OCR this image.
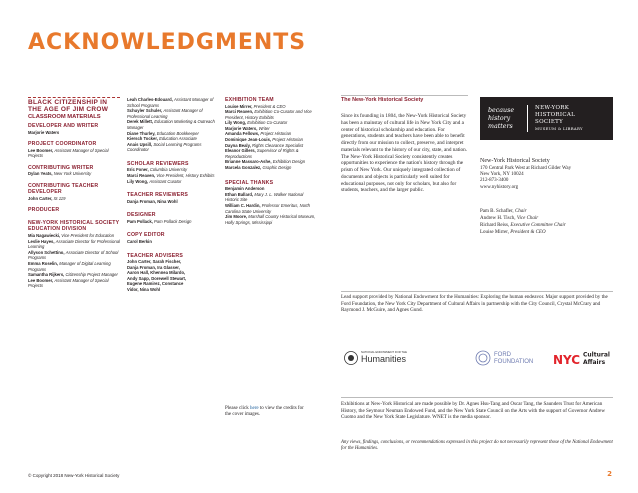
ACKNOWLEDGMENTS
BLACK CITIZENSHIP IN
THE AGE OF JIM CROW
CLASSROOM MATERIALS
DEVELOPER AND WRITER
Marjorie Waters
PROJECT COORDINATOR
Lee Boomer, Assistant Manager of Special Projects
CONTRIBUTING WRITER
Dylan Yeats, New York University
CONTRIBUTING TEACHER DEVELOPER
John Carter, IS 119
PRODUCER
NEW-YORK HISTORICAL SOCIETY EDUCATION DIVISION
Mia Nagawiecki, Vice President for Education
Leslie Hayes, Associate Director for Professional Learning
Allyson Schettino, Associate Director of School Programs
Emma Roselin, Manager of Digital Learning Programs
Samantha Rijkers, Citizenship Project Manager
Lee Boomer, Assistant Manager of Special Projects
Leah Charles-Edouard, Assistant Manager of School Programs
Schuyler Schuler, Assistant Manager of Professional Learning
Derek Millett, Education Marketing & Outreach Manager
Diane Thurley, Education Bookkeeper
Kiersch Tocker, Education Associate
Anais Upsill, Social Learning Programs Coordinator
SCHOLAR REVIEWERS
Eric Foner, Columbia University
Marci Reaven, Vice President, History Exhibits
Lily Wong, Assistant Curator
TEACHER REVIEWERS
Danja Froman, Nina Wohl
DESIGNER
Pam Pollack, Pam Pollack Design
COPY EDITOR
Carol Berkin
TEACHER ADVISERS
John Carter, Sarah Fischer,
Danja Froman, Ira Glasser,
Aaron Hall, Khennea Milardo,
Andy Sapp, Dorewell Stewart,
Eugene Ramirez, Constance
Vidor, Nina Wohl
EXHIBITION TEAM
Louise Mirrer, President & CEO
Marci Reaven, Exhibition Co-Curator and Vice President, History Exhibits
Lily Wong, Exhibition Co-Curator
Marjorie Waters, Writer
Amanda Fellows, Project Historian
Dominique Jean-Louis, Project Historian
Dayna Bealy, Rights Clearance Specialist
Eleanor Gillers, Supervisor of Rights & Reproductions
Brianne Massaro-Ashe, Exhibition Design
Marcela Gonzalez, Graphic Design
SPECIAL THANKS
Benjamin Anderson
Ethan Ballard, Mary J. L. Walker National Historic Site
William C. Hardin, Professor Emeritus, North Carolina State University
Jim Moore, Marshall County Historical Museum, Holly Springs, Mississippi
Please click here to view the credits for the cover images.
The New-York Historical Society
Since its founding in 1804, the New-York Historical Society has been a mainstay of cultural life in New York City and a center of historical scholarship and education. For generations, students and teachers have been able to benefit directly from our mission to collect, preserve, and interpret materials relevant to the history of our city, state, and nation. The New-York Historical Society consistently creates opportunities to experience the nation's history through the prism of New York. Our uniquely integrated collection of documents and objects is particularly well suited for educational purposes, not only for scholars, but also for students, teachers, and the larger public.
because
history
matters
NEW-YORK
HISTORICAL
SOCIETY
MUSEUM & LIBRARY
New-York Historical Society
170 Central Park West at Richard Gilder Way
New York, NY 10024
212-873-3400
www.nyhistory.org
Pam B. Schafler, Chair
Andrew H. Tisch, Vice Chair
Richard Reiss, Executive Committee Chair
Louise Mirrer, President & CEO
Lead support provided by National Endowment for the Humanities: Exploring the human endeavor. Major support provided by the Ford Foundation, the New York City Department of Cultural Affairs in partnership with the City Council, Crystal McCrary and Raymond J. McGuire, and Agnes Gund.
NATIONAL ENDOWMENT FOR THE
Humanities	FORD
FOUNDATION NYC Cultural
Affairs
Exhibitions at New-York Historical are made possible by Dr. Agnes Hsu-Tang and Oscar Tang, the Saunders Trust for American History, the Seymour Neuman Endowed Fund, and the New York State Council on the Arts with the support of Governor Andrew Cuomo and the New York State Legislature. WNET is the media sponsor.
Any views, findings, conclusions, or recommendations expressed in this project do not necessarily represent those of the National Endowment for the Humanities.
© Copyright 2018 New-York Historical Society	2
